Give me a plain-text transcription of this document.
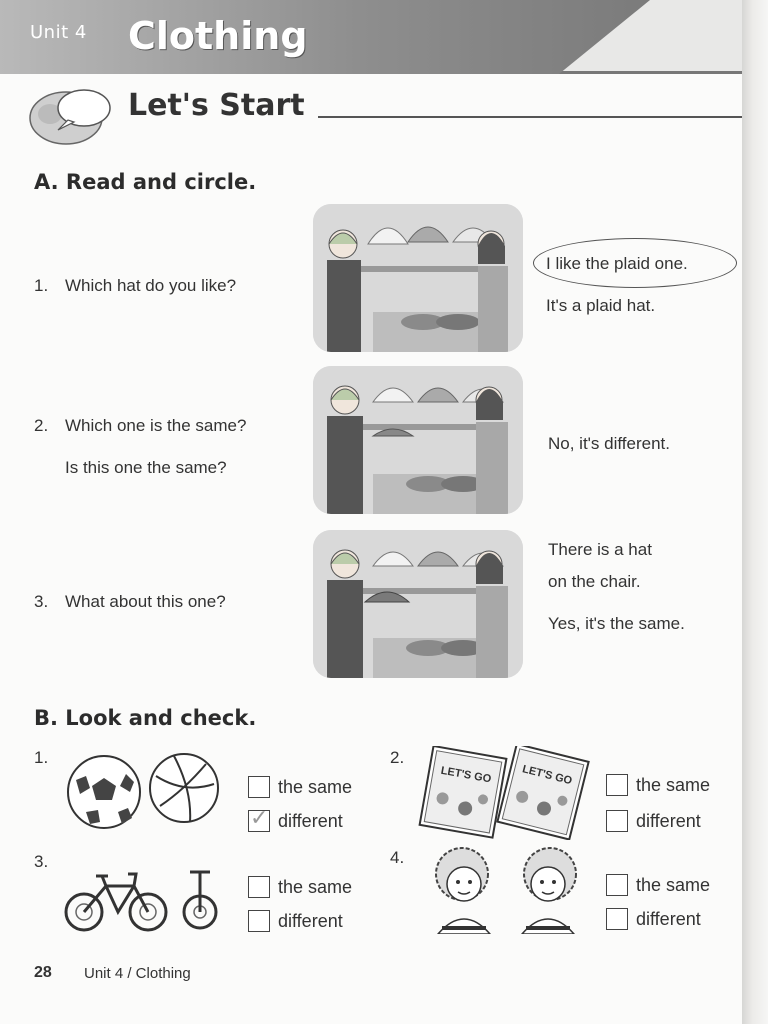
Unit 4 Clothing
Let's Start
A. Read and circle.
1. Which hat do you like?
I like the plaid one.
It's a plaid hat.
2. Which one is the same?
Is this one the same?
No, it's different.
3. What about this one?
There is a hat
on the chair.
Yes, it's the same.
B. Look and check.
1.
the same
✓ different
2.
LET'S GO	LET'S GO	the same
different
3.
the same
different
4.
the same
different
28 Unit 4 / Clothing
